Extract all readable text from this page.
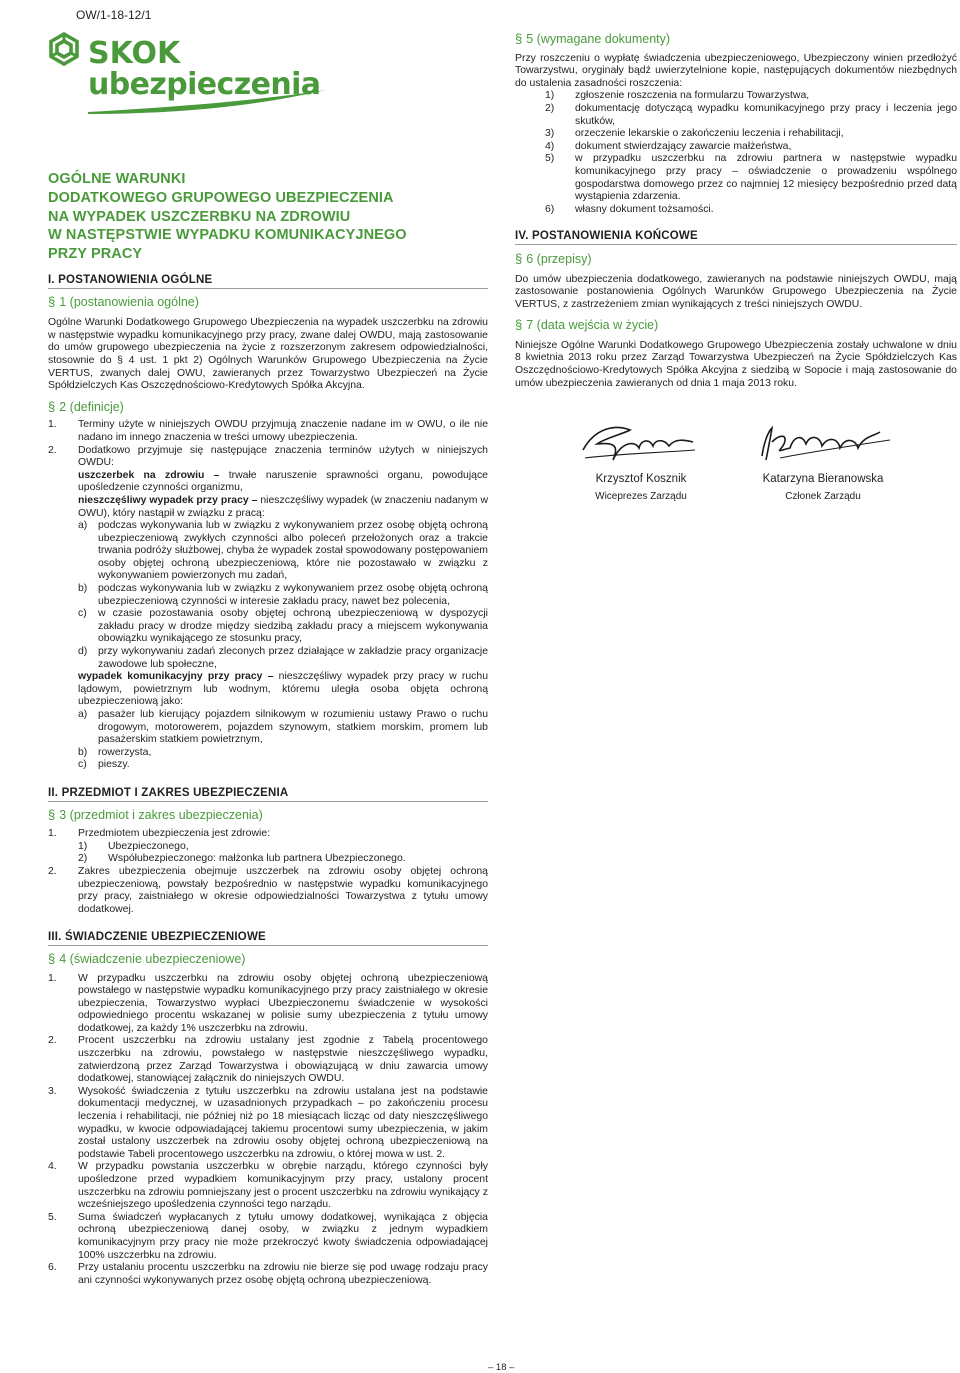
OW/1-18-12/1
SKOK
ubezpieczenia
OGÓLNE WARUNKI
DODATKOWEGO GRUPOWEGO UBEZPIECZENIA
NA WYPADEK USZCZERBKU NA ZDROWIU
W NASTĘPSTWIE WYPADKU KOMUNIKACYJNEGO
PRZY PRACY
I. POSTANOWIENIA OGÓLNE
§ 1 (postanowienia ogólne)

Ogólne Warunki Dodatkowego Grupowego Ubezpieczenia na wypadek uszczerbku na zdrowiu w następstwie wypadku komunikacyjnego przy pracy, zwane dalej OWDU, mają zastosowanie do umów grupowego ubezpieczenia na życie z rozszerzonym zakresem odpowiedzialności, stosownie do § 4 ust. 1 pkt 2) Ogólnych Warunków Grupowego Ubezpieczenia na Życie VERTUS, zwanych dalej OWU, zawieranych przez Towarzystwo Ubezpieczeń na Życie Spółdzielczych Kas Oszczędnościowo-Kredytowych Spółka Akcyjna.

§ 2 (definicje)
1. Terminy użyte w niniejszych OWDU przyjmują znaczenie nadane im w OWU, o ile nie nadano im innego znaczenia w treści umowy ubezpieczenia.
2. Dodatkowo przyjmuje się następujące znaczenia terminów użytych w niniejszych OWDU:
uszczerbek na zdrowiu – trwałe naruszenie sprawności organu, powodujące upośledzenie czynności organizmu,
nieszczęśliwy wypadek przy pracy – nieszczęśliwy wypadek (w znaczeniu nadanym w OWU), który nastąpił w związku z pracą:
a) podczas wykonywania lub w związku z wykonywaniem przez osobę objętą ochroną ubezpieczeniową zwykłych czynności albo poleceń przełożonych oraz a trakcie trwania podróży służbowej, chyba że wypadek został spowodowany postępowaniem osoby objętej ochroną ubezpieczeniową, które nie pozostawało w związku z wykonywaniem powierzonych mu zadań,
b) podczas wykonywania lub w związku z wykonywaniem przez osobę objętą ochroną ubezpieczeniową czynności w interesie zakładu pracy, nawet bez polecenia,
c) w czasie pozostawania osoby objętej ochroną ubezpieczeniową w dyspozycji zakładu pracy w drodze między siedzibą zakładu pracy a miejscem wykonywania obowiązku wynikającego ze stosunku pracy,
d) przy wykonywaniu zadań zleconych przez działające w zakładzie pracy organizacje zawodowe lub społeczne,
wypadek komunikacyjny przy pracy – nieszczęśliwy wypadek przy pracy w ruchu lądowym, powietrznym lub wodnym, któremu uległa osoba objęta ochroną ubezpieczeniową jako:
a) pasażer lub kierujący pojazdem silnikowym w rozumieniu ustawy Prawo o ruchu drogowym, motorowerem, pojazdem szynowym, statkiem morskim, promem lub pasażerskim statkiem powietrznym,
b) rowerzysta,
c) pieszy.
II. PRZEDMIOT I ZAKRES UBEZPIECZENIA
§ 3 (przedmiot i zakres ubezpieczenia)
1. Przedmiotem ubezpieczenia jest zdrowie:
1) Ubezpieczonego,
2) Współubezpieczonego: małżonka lub partnera Ubezpieczonego.
2. Zakres ubezpieczenia obejmuje uszczerbek na zdrowiu osoby objętej ochroną ubezpieczeniową, powstały bezpośrednio w następstwie wypadku komunikacyjnego przy pracy, zaistniałego w okresie odpowiedzialności Towarzystwa z tytułu umowy dodatkowej.
III. ŚWIADCZENIE UBEZPIECZENIOWE
§ 4 (świadczenie ubezpieczeniowe)
1. W przypadku uszczerbku na zdrowiu osoby objętej ochroną ubezpieczeniową powstałego w następstwie wypadku komunikacyjnego przy pracy zaistniałego w okresie ubezpieczenia, Towarzystwo wypłaci Ubezpieczonemu świadczenie w wysokości odpowiedniego procentu wskazanej w polisie sumy ubezpieczenia z tytułu umowy dodatkowej, za każdy 1% uszczerbku na zdrowiu.
2. Procent uszczerbku na zdrowiu ustalany jest zgodnie z Tabelą procentowego uszczerbku na zdrowiu, powstałego w następstwie nieszczęśliwego wypadku, zatwierdzoną przez Zarząd Towarzystwa i obowiązującą w dniu zawarcia umowy dodatkowej, stanowiącej załącznik do niniejszych OWDU.
3. Wysokość świadczenia z tytułu uszczerbku na zdrowiu ustalana jest na podstawie dokumentacji medycznej, w uzasadnionych przypadkach – po zakończeniu procesu leczenia i rehabilitacji, nie później niż po 18 miesiącach licząc od daty nieszczęśliwego wypadku, w kwocie odpowiadającej takiemu procentowi sumy ubezpieczenia, w jakim został ustalony uszczerbek na zdrowiu osoby objętej ochroną ubezpieczeniową na podstawie Tabeli procentowego uszczerbku na zdrowiu, o której mowa w ust. 2.
4. W przypadku powstania uszczerbku w obrębie narządu, którego czynności były upośledzone przed wypadkiem komunikacyjnym przy pracy, ustalony procent uszczerbku na zdrowiu pomniejszany jest o procent uszczerbku na zdrowiu wynikający z wcześniejszego upośledzenia czynności tego narządu.
5. Suma świadczeń wypłacanych z tytułu umowy dodatkowej, wynikająca z objęcia ochroną ubezpieczeniową danej osoby, w związku z jednym wypadkiem komunikacyjnym przy pracy nie może przekroczyć kwoty świadczenia odpowiadającej 100% uszczerbku na zdrowiu.
6. Przy ustalaniu procentu uszczerbku na zdrowiu nie bierze się pod uwagę rodzaju pracy ani czynności wykonywanych przez osobę objętą ochroną ubezpieczeniową.
§ 5 (wymagane dokumenty)

Przy roszczeniu o wypłatę świadczenia ubezpieczeniowego, Ubezpieczony winien przedłożyć Towarzystwu, oryginały bądź uwierzytelnione kopie, następujących dokumentów niezbędnych do ustalenia zasadności roszczenia:

1) zgłoszenie roszczenia na formularzu Towarzystwa,
2) dokumentację dotyczącą wypadku komunikacyjnego przy pracy i leczenia jego skutków,
3) orzeczenie lekarskie o zakończeniu leczenia i rehabilitacji,
4) dokument stwierdzający zawarcie małżeństwa,
5) w przypadku uszczerbku na zdrowiu partnera w następstwie wypadku komunikacyjnego przy pracy – oświadczenie o prowadzeniu wspólnego gospodarstwa domowego przez co najmniej 12 miesięcy bezpośrednio przed datą wystąpienia zdarzenia.
6) własny dokument tożsamości.
IV. POSTANOWIENIA KOŃCOWE
§ 6 (przepisy)

Do umów ubezpieczenia dodatkowego, zawieranych na podstawie niniejszych OWDU, mają zastosowanie postanowienia Ogólnych Warunków Grupowego Ubezpieczenia na Życie VERTUS, z zastrzeżeniem zmian wynikających z treści niniejszych OWDU.

§ 7 (data wejścia w życie)

Niniejsze Ogólne Warunki Dodatkowego Grupowego Ubezpieczenia zostały uchwalone w dniu 8 kwietnia 2013 roku przez Zarząd Towarzystwa Ubezpieczeń na Życie Spółdzielczych Kas Oszczędnościowo-Kredytowych Spółka Akcyjna z siedzibą w Sopocie i mają zastosowanie do umów ubezpieczenia zawieranych od dnia 1 maja 2013 roku.

Krzysztof Kosznik
Wiceprezes Zarządu
Katarzyna Bieranowska
Członek Zarządu
– 18 –
